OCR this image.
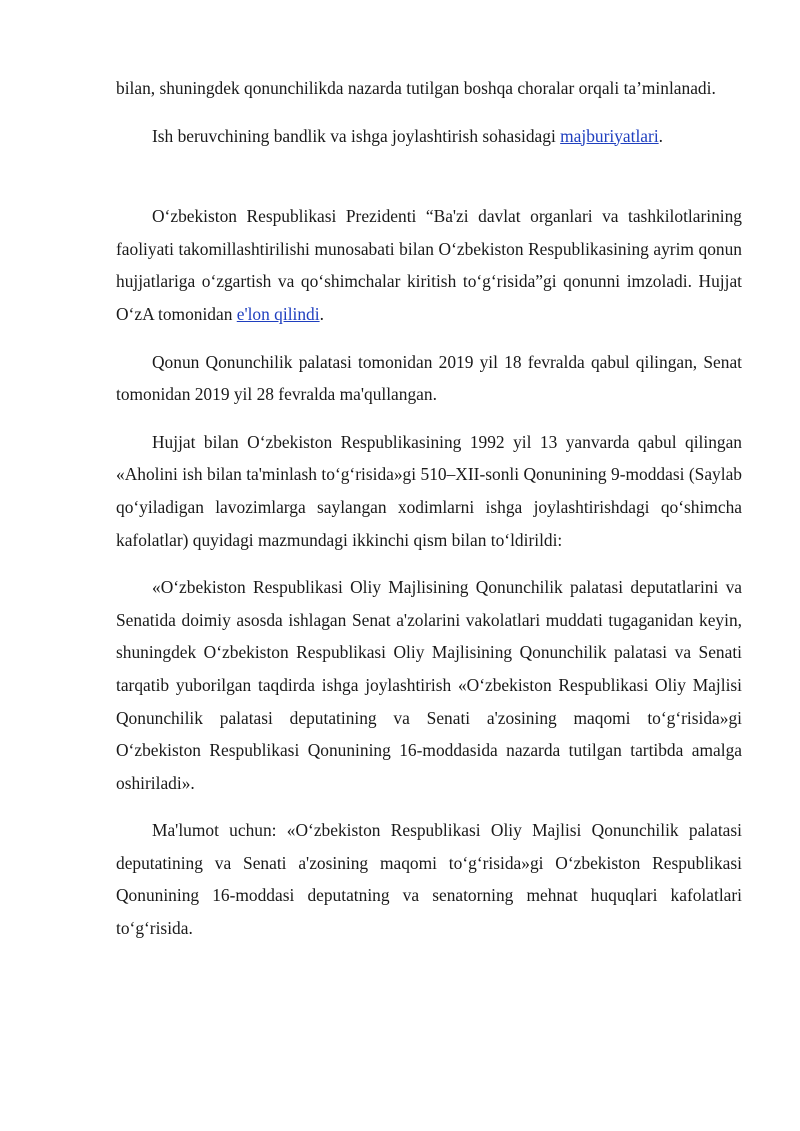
bilan, shuningdek qonunchilikda nazarda tutilgan boshqa choralar orqali ta’minlanadi.

Ish beruvchining bandlik va ishga joylashtirish sohasidagi majburiyatlari.

O‘zbekiston Respublikasi Prezidenti “Ba'zi davlat organlari va tashkilotlarining faoliyati takomillashtirilishi munosabati bilan O‘zbekiston Respublikasining ayrim qonun hujjatlariga o‘zgartish va qo‘shimchalar kiritish to‘g‘risida”gi qonunni imzoladi. Hujjat O‘zA tomonidan e'lon qilindi.

Qonun Qonunchilik palatasi tomonidan 2019 yil 18 fevralda qabul qilingan, Senat tomonidan 2019 yil 28 fevralda ma'qullangan.

Hujjat bilan O‘zbekiston Respublikasining 1992 yil 13 yanvarda qabul qilingan «Aholini ish bilan ta'minlash to‘g‘risida»gi 510–XII-sonli Qonunining 9-moddasi (Saylab qo‘yiladigan lavozimlarga saylangan xodimlarni ishga joylashtirishdagi qo‘shimcha kafolatlar) quyidagi mazmundagi ikkinchi qism bilan to‘ldirildi:

«O‘zbekiston Respublikasi Oliy Majlisining Qonunchilik palatasi deputatlarini va Senatida doimiy asosda ishlagan Senat a'zolarini vakolatlari muddati tugaganidan keyin, shuningdek O‘zbekiston Respublikasi Oliy Majlisining Qonunchilik palatasi va Senati tarqatib yuborilgan taqdirda ishga joylashtirish «O‘zbekiston Respublikasi Oliy Majlisi Qonunchilik palatasi deputatining va Senati a'zosining maqomi to‘g‘risida»gi O‘zbekiston Respublikasi Qonunining 16-moddasida nazarda tutilgan tartibda amalga oshiriladi».

Ma'lumot uchun: «O‘zbekiston Respublikasi Oliy Majlisi Qonunchilik palatasi deputatining va Senati a'zosining maqomi to‘g‘risida»gi O‘zbekiston Respublikasi Qonunining 16-moddasi deputatning va senatorning mehnat huquqlari kafolatlari to‘g‘risida.
